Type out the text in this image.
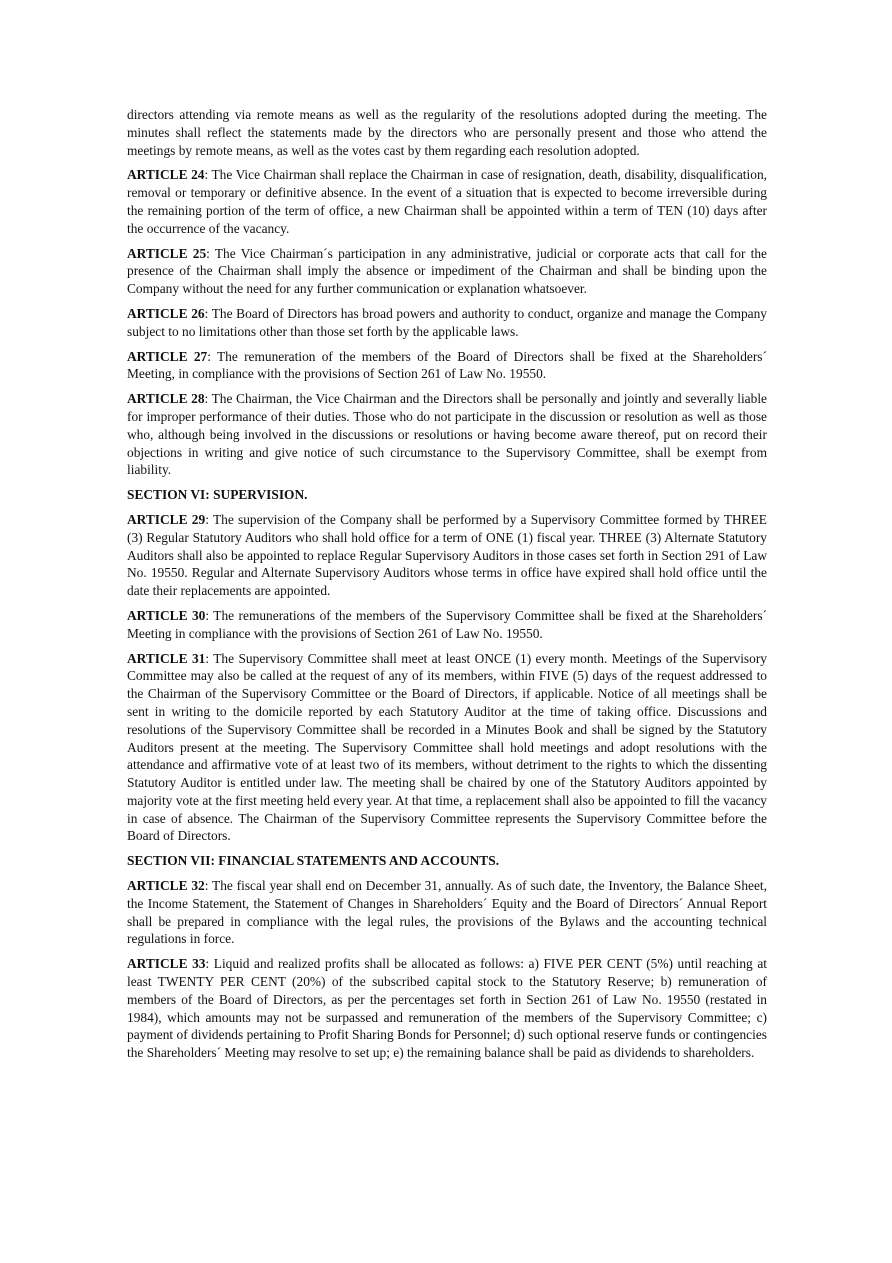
directors attending via remote means as well as the regularity of the resolutions adopted during the meeting. The minutes shall reflect the statements made by the directors who are personally present and those who attend the meetings by remote means, as well as the votes cast by them regarding each resolution adopted.

ARTICLE 24: The Vice Chairman shall replace the Chairman in case of resignation, death, disability, disqualification, removal or temporary or definitive absence. In the event of a situation that is expected to become irreversible during the remaining portion of the term of office, a new Chairman shall be appointed within a term of TEN (10) days after the occurrence of the vacancy.

ARTICLE 25: The Vice Chairman´s participation in any administrative, judicial or corporate acts that call for the presence of the Chairman shall imply the absence or impediment of the Chairman and shall be binding upon the Company without the need for any further communication or explanation whatsoever.

ARTICLE 26: The Board of Directors has broad powers and authority to conduct, organize and manage the Company subject to no limitations other than those set forth by the applicable laws.

ARTICLE 27: The remuneration of the members of the Board of Directors shall be fixed at the Shareholders´ Meeting, in compliance with the provisions of Section 261 of Law No. 19550.

ARTICLE 28: The Chairman, the Vice Chairman and the Directors shall be personally and jointly and severally liable for improper performance of their duties. Those who do not participate in the discussion or resolution as well as those who, although being involved in the discussions or resolutions or having become aware thereof, put on record their objections in writing and give notice of such circumstance to the Supervisory Committee, shall be exempt from liability.

SECTION VI: SUPERVISION.

ARTICLE 29: The supervision of the Company shall be performed by a Supervisory Committee formed by THREE (3) Regular Statutory Auditors who shall hold office for a term of ONE (1) fiscal year. THREE (3) Alternate Statutory Auditors shall also be appointed to replace Regular Supervisory Auditors in those cases set forth in Section 291 of Law No. 19550. Regular and Alternate Supervisory Auditors whose terms in office have expired shall hold office until the date their replacements are appointed.

ARTICLE 30: The remunerations of the members of the Supervisory Committee shall be fixed at the Shareholders´ Meeting in compliance with the provisions of Section 261 of Law No. 19550.

ARTICLE 31: The Supervisory Committee shall meet at least ONCE (1) every month. Meetings of the Supervisory Committee may also be called at the request of any of its members, within FIVE (5) days of the request addressed to the Chairman of the Supervisory Committee or the Board of Directors, if applicable. Notice of all meetings shall be sent in writing to the domicile reported by each Statutory Auditor at the time of taking office. Discussions and resolutions of the Supervisory Committee shall be recorded in a Minutes Book and shall be signed by the Statutory Auditors present at the meeting. The Supervisory Committee shall hold meetings and adopt resolutions with the attendance and affirmative vote of at least two of its members, without detriment to the rights to which the dissenting Statutory Auditor is entitled under law. The meeting shall be chaired by one of the Statutory Auditors appointed by majority vote at the first meeting held every year. At that time, a replacement shall also be appointed to fill the vacancy in case of absence. The Chairman of the Supervisory Committee represents the Supervisory Committee before the Board of Directors.

SECTION VII: FINANCIAL STATEMENTS AND ACCOUNTS.

ARTICLE 32: The fiscal year shall end on December 31, annually. As of such date, the Inventory, the Balance Sheet, the Income Statement, the Statement of Changes in Shareholders´ Equity and the Board of Directors´ Annual Report shall be prepared in compliance with the legal rules, the provisions of the Bylaws and the accounting technical regulations in force.

ARTICLE 33: Liquid and realized profits shall be allocated as follows: a) FIVE PER CENT (5%) until reaching at least TWENTY PER CENT (20%) of the subscribed capital stock to the Statutory Reserve; b) remuneration of members of the Board of Directors, as per the percentages set forth in Section 261 of Law No. 19550 (restated in 1984), which amounts may not be surpassed and remuneration of the members of the Supervisory Committee; c) payment of dividends pertaining to Profit Sharing Bonds for Personnel; d) such optional reserve funds or contingencies the Shareholders´ Meeting may resolve to set up; e) the remaining balance shall be paid as dividends to shareholders.
